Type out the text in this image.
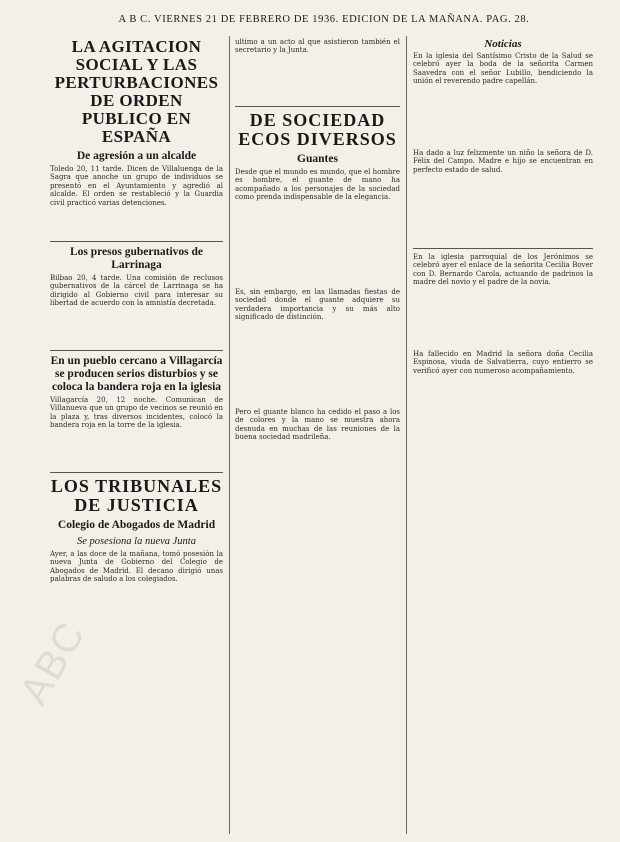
A B C. VIERNES 21 DE FEBRERO DE 1936. EDICION DE LA MAÑANA. PAG. 28.
LA AGITACION SOCIAL Y LAS PERTURBACIONES DE ORDEN PUBLICO EN ESPAÑA
De agresión a un alcalde
Toledo 20, 11 tarde. Dicen de Villaluenga de la Sagra que anoche un grupo de individuos se presentó en el Ayuntamiento y agredió al alcalde. El orden se restableció y la Guardia civil practicó varias detenciones.
Los presos gubernativos de Larrinaga
Bilbao 20, 4 tarde. Una comisión de reclusos gubernativos de la cárcel de Larrinaga se ha dirigido al Gobierno civil para interesar su libertad de acuerdo con la amnistía decretada.
En un pueblo cercano a Villagarcía se producen serios disturbios y se coloca la bandera roja en la iglesia
Villagarcía 20, 12 noche. Comunican de Villanueva que un grupo de vecinos se reunió en la plaza y, tras diversos incidentes, colocó la bandera roja en la torre de la iglesia.
LOS TRIBUNALES DE JUSTICIA
Colegio de Abogados de Madrid
Se posesiona la nueva Junta
Ayer, a las doce de la mañana, tomó posesión la nueva Junta de Gobierno del Colegio de Abogados de Madrid. El decano dirigió unas palabras de saludo a los colegiados.
ultimo a un acto al que asistieron también el secretario y la Junta.
DE SOCIEDAD ECOS DIVERSOS
Guantes
Desde que el mundo es mundo, que el hombre es hombre, el guante de mano ha acompañado a los personajes de la sociedad como prenda indispensable de la elegancia.
Es, sin embargo, en las llamadas fiestas de sociedad donde el guante adquiere su verdadera importancia y su más alto significado de distinción.
Pero el guante blanco ha cedido el paso a los de colores y la mano se muestra ahora desnuda en muchas de las reuniones de la buena sociedad madrileña.
Noticias
En la iglesia del Santísimo Cristo de la Salud se celebró ayer la boda de la señorita Carmen Saavedra con el señor Lubillo, bendiciendo la unión el reverendo padre capellán.
Ha dado a luz felizmente un niño la señora de D. Félix del Campo. Madre e hijo se encuentran en perfecto estado de salud.
En la iglesia parroquial de los Jerónimos se celebró ayer el enlace de la señorita Cecilia Bover con D. Bernardo Carola, actuando de padrinos la madre del novio y el padre de la novia.
Ha fallecido en Madrid la señora doña Cecilia Espinosa, viuda de Salvatierra, cuyo entierro se verificó ayer con numeroso acompañamiento.
ABC
